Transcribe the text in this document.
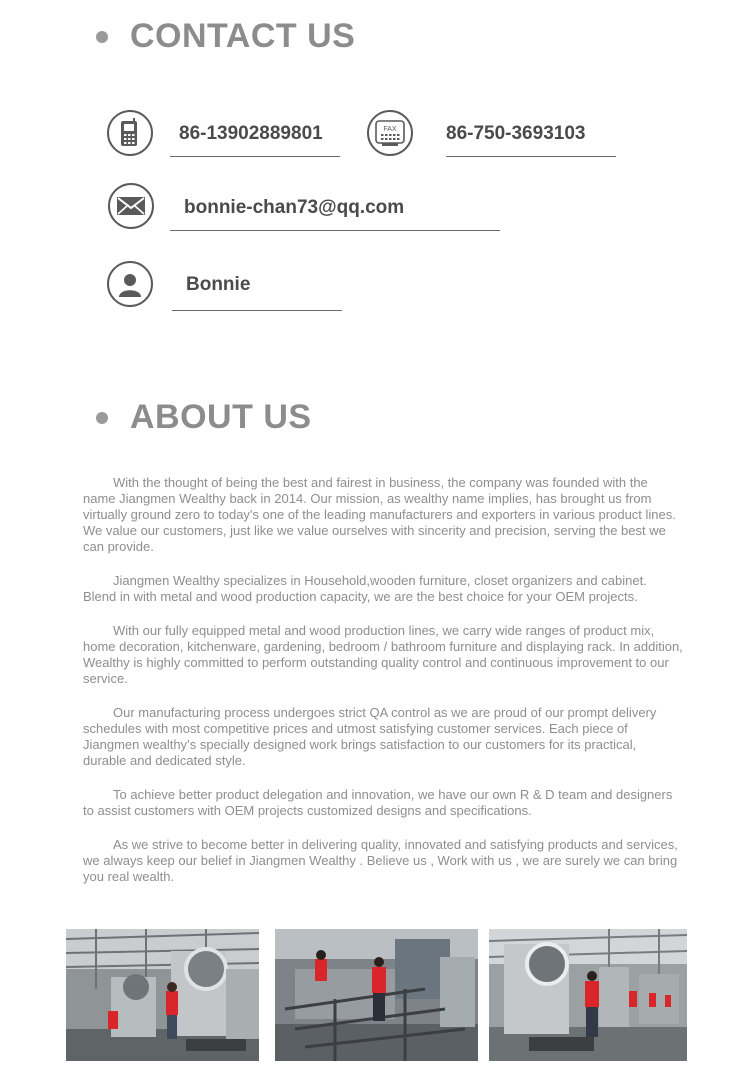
CONTACT US
86-13902889801	FAX	86-750-3693103
bonnie-chan73@qq.com
Bonnie
ABOUT US

With the thought of being the best and fairest in business, the company was founded with the name Jiangmen Wealthy back in 2014. Our mission, as wealthy name implies, has brought us from virtually ground zero to today's one of the leading manufacturers and exporters in various product lines. We value our customers, just like we value ourselves with sincerity and precision, serving the best we can provide.

Jiangmen Wealthy specializes in Household,wooden furniture, closet organizers and cabinet. Blend in with metal and wood production capacity, we are the best choice for your OEM projects.

With our fully equipped metal and wood production lines, we carry wide ranges of product mix, home decoration, kitchenware, gardening, bedroom / bathroom furniture and displaying rack. In addition, Wealthy is highly committed to perform outstanding quality control and continuous improvement to our service.

Our manufacturing process undergoes strict QA control as we are proud of our prompt delivery schedules with most competitive prices and utmost satisfying customer services. Each piece of Jiangmen wealthy’s specially designed work brings satisfaction to our customers for its practical, durable and dedicated style.

To achieve better product delegation and innovation, we have our own R & D team and designers to assist customers with OEM projects customized designs and specifications.

As we strive to become better in delivering quality, innovated and satisfying products and services, we always keep our belief in Jiangmen Wealthy . Believe us , Work with us , we are surely we can bring you real wealth.
